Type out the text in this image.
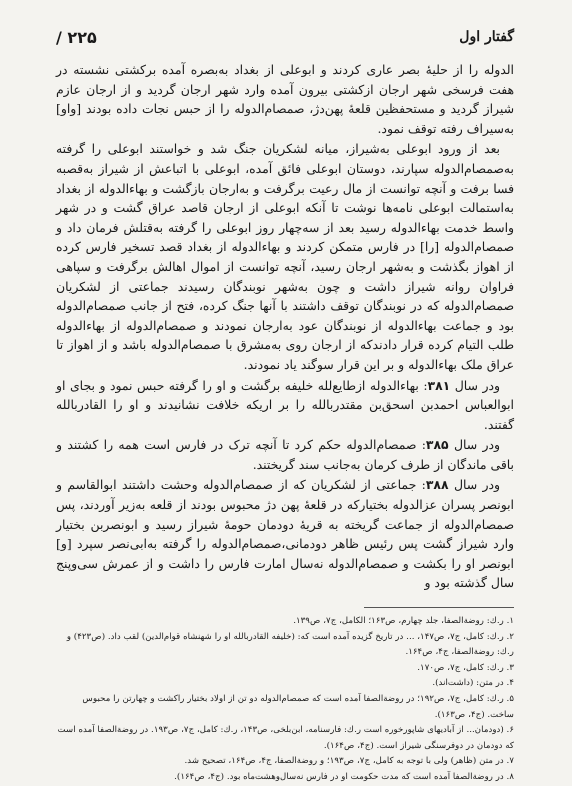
گفتار اول
۲۲۵ /

الدوله را از حلیهٔ بصر عاری کردند و ابوعلی از بغداد به‌بصره آمده برکشتی نشسته در هفت فرسخی شهر ارجان ازکشتی بیرون آمده وارد شهر ارجان گردید و از ارجان عازم شیراز گردید و مستحفظین قلعهٔ پهن‌دژ، صمصام‌الدوله را از حبس نجات داده بودند [واو] به‌سیراف رفته توقف نمود.

بعد از ورود ابوعلی به‌شیراز، میانه لشکریان جنگ شد و خواستند ابوعلی را گرفته به‌صمصام‌الدوله سپارند، دوستان ابوعلی فائق آمده، ابوعلی با اتباعش از شیراز به‌قصبه فسا برفت و آنچه توانست از مال رعیت برگرفت و به‌ارجان بازگشت و بهاءالدوله از بغداد به‌استمالت ابوعلی نامه‌ها نوشت تا آنکه ابوعلی از ارجان قاصد عراق گشت و در شهر واسط خدمت بهاءالدوله رسید بعد از سه‌چهار روز ابوعلی را گرفته به‌قتلش فرمان داد و صمصام‌الدوله [را] در فارس متمکن کردند و بهاءالدوله از بغداد قصد تسخیر فارس کرده از اهواز بگذشت و به‌شهر ارجان رسید، آنچه توانست از اموال اهالش برگرفت و سپاهی فراوان روانه شیراز داشت و چون به‌شهر نوبندگان رسیدند جماعتی از لشکریان صمصام‌الدوله که در نوبندگان توقف داشتند با آنها جنگ کرده، فتح از جانب صمصام‌الدوله بود و جماعت بهاءالدوله از نوبندگان عود به‌ارجان نمودند و صمصام‌الدوله از بهاءالدوله طلب التیام کرده قرار دادندکه از ارجان روی به‌مشرق با صمصام‌الدوله باشد و از اهواز تا عراق ملک بهاءالدوله و بر این قرار سوگند یاد نمودند.

ودر سال ۳۸۱: بهاءالدوله ازطایع‌لله خلیفه برگشت و او را گرفته حبس نمود و بجای او ابوالعباس احمدبن اسحق‌بن مقتدربالله را بر اریکه خلافت نشانیدند و او را القادربالله گفتند.

ودر سال ۳۸۵: صمصام‌الدوله حکم کرد تا آنچه ترک در فارس است همه را کشتند و باقی ماندگان از طرف کرمان به‌جانب سند گریختند.

ودر سال ۳۸۸: جماعتی از لشکریان که از صمصام‌الدوله وحشت داشتند ابوالقاسم و ابونصر پسران عزالدوله بختیارکه در قلعهٔ پهن دژ محبوس بودند از قلعه به‌زیر آوردند، پس صمصام‌الدوله از جماعت گریخته به قریهٔ دودمان حومهٔ شیراز رسید و ابونصربن بختیار وارد شیراز گشت پس رئیس ظاهر دودمانی،صمصام‌الدوله را گرفته به‌ابی‌نصر سپرد [و] ابونصر او را بکشت و صمصام‌الدوله نه‌سال امارت فارس را داشت و از عمرش سی‌وپنج سال گذشته بود و

۱. ر.ك: روضة‌الصفا، جلد چهارم، ص۱۶۳؛ الکامل، ج۷، ص۱۳۹.
۲. ر.ك: کامل، ج۷، ص۱۴۷، ... در تاریخ گزیده آمده است که: (خلیفه القادربالله او را شهنشاه قوام‌الدین) لقب داد. (ص۴۲۳) و ر.ك: روضة‌الصفا، ج۴، ص۱۶۴.
۳. ر.ك: کامل، ج۷، ص۱۷۰.
۴. در متن: (داشت‌اند).
۵. ر.ك: کامل، ج۷، ص۱۹۲؛ در روضةالصفا آمده است که صمصام‌الدوله دو تن از اولاد بختیار راکشت و چهارتن را محبوس ساخت. (ج۴، ص۱۶۳).
۶. (دودمان... از آبادیهای شاپورخوره است ر.ك: فارسنامه، ابن‌بلخی، ص۱۴۳، ر.ك: کامل، ج۷، ص۱۹۳. در روضة‌الصفا آمده است که دودمان در دوفرسنگی شیراز است. (ج۴، ص۱۶۴).
۷. در متن (ظاهر) ولی با توجه به کامل، ج۷، ص۱۹۳؛ و روضة‌الصفا، ج۴، ص۱۶۴، تصحیح شد.
۸. در روضة‌الصفا آمده است که مدت حکومت او در فارس نه‌سال‌وهشت‌ماه بود. (ج۴، ص۱۶۴).
